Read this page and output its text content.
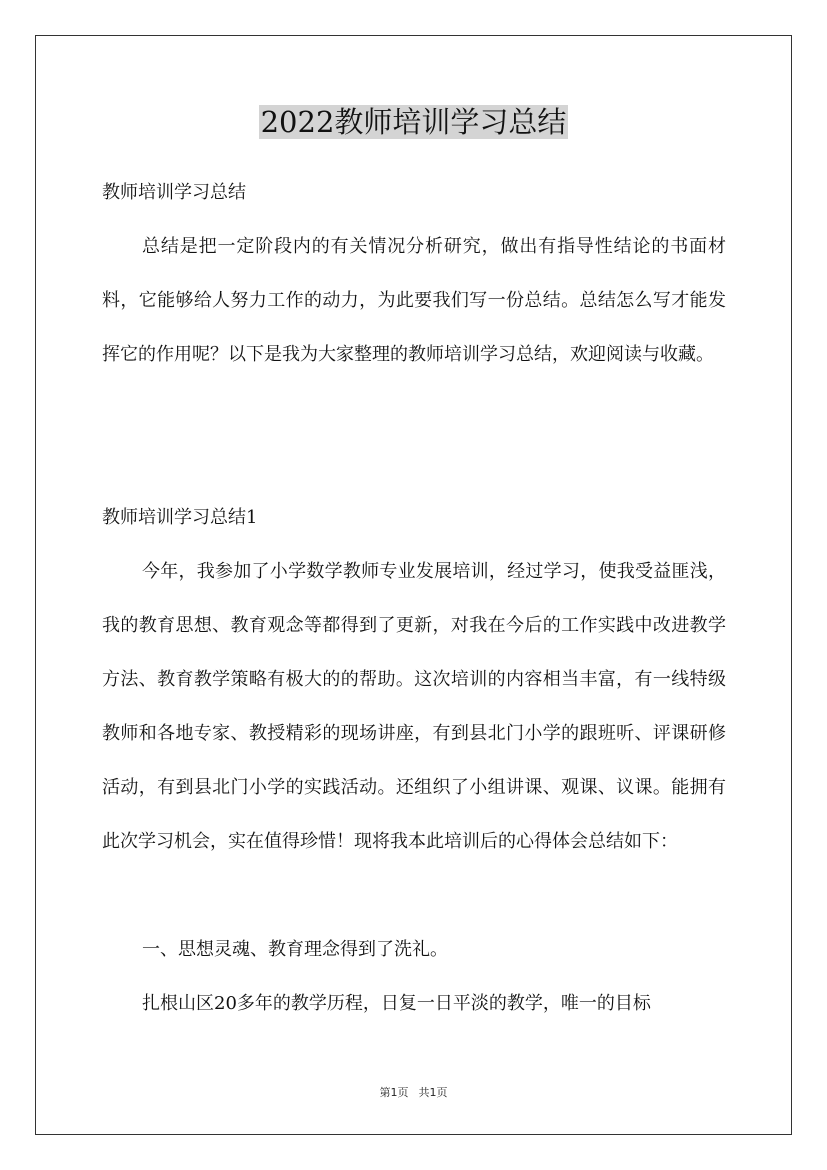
2022教师培训学习总结

教师培训学习总结

总结是把一定阶段内的有关情况分析研究，做出有指导性结论的书面材料，它能够给人努力工作的动力，为此要我们写一份总结。总结怎么写才能发挥它的作用呢？以下是我为大家整理的教师培训学习总结，欢迎阅读与收藏。

教师培训学习总结1

今年，我参加了小学数学教师专业发展培训，经过学习，使我受益匪浅，我的教育思想、教育观念等都得到了更新，对我在今后的工作实践中改进教学方法、教育教学策略有极大的的帮助。这次培训的内容相当丰富，有一线特级教师和各地专家、教授精彩的现场讲座，有到县北门小学的跟班听、评课研修活动，有到县北门小学的实践活动。还组织了小组讲课、观课、议课。能拥有此次学习机会，实在值得珍惜！现将我本此培训后的心得体会总结如下：

一、思想灵魂、教育理念得到了洗礼。

扎根山区20多年的教学历程，日复一日平淡的教学，唯一的目标

第1页 共1页
